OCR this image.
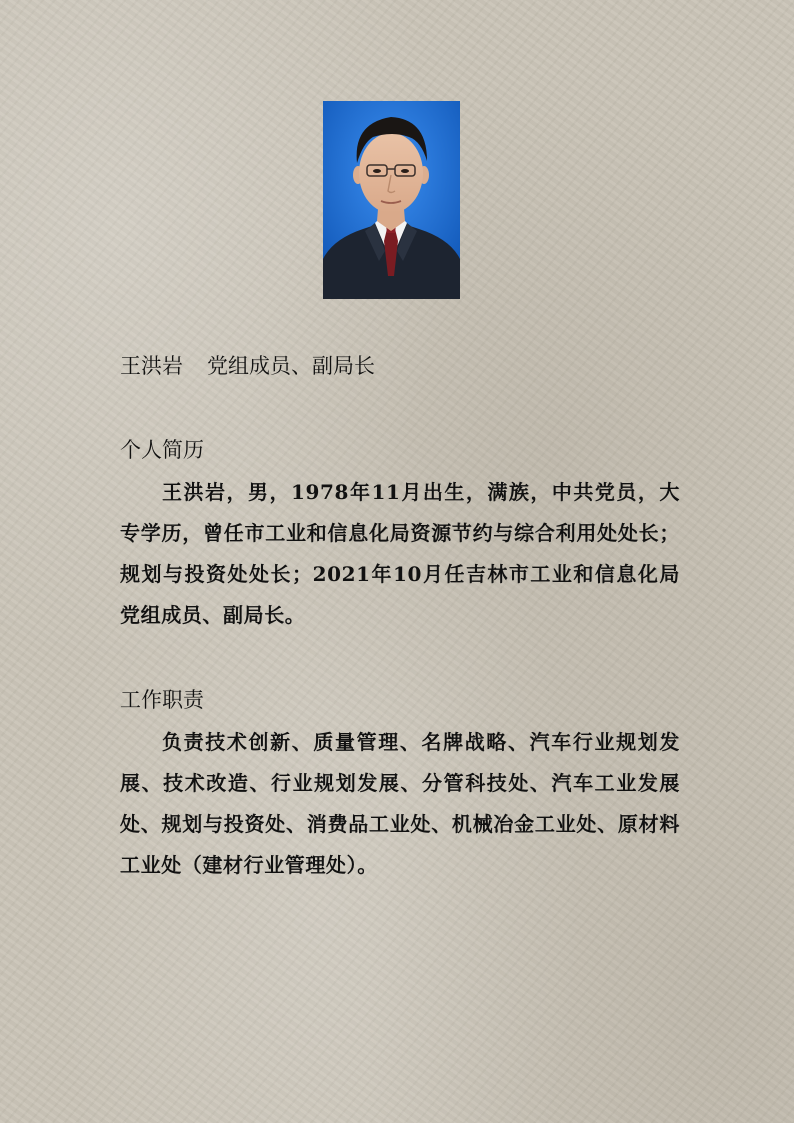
王洪岩 党组成员、副局长
个人简历
王洪岩，男，1978年11月出生，满族，中共党员，大专学历，曾任市工业和信息化局资源节约与综合利用处处长；规划与投资处处长；2021年10月任吉林市工业和信息化局党组成员、副局长。
工作职责
负责技术创新、质量管理、名牌战略、汽车行业规划发展、技术改造、行业规划发展、分管科技处、汽车工业发展处、规划与投资处、消费品工业处、机械冶金工业处、原材料工业处（建材行业管理处）。
